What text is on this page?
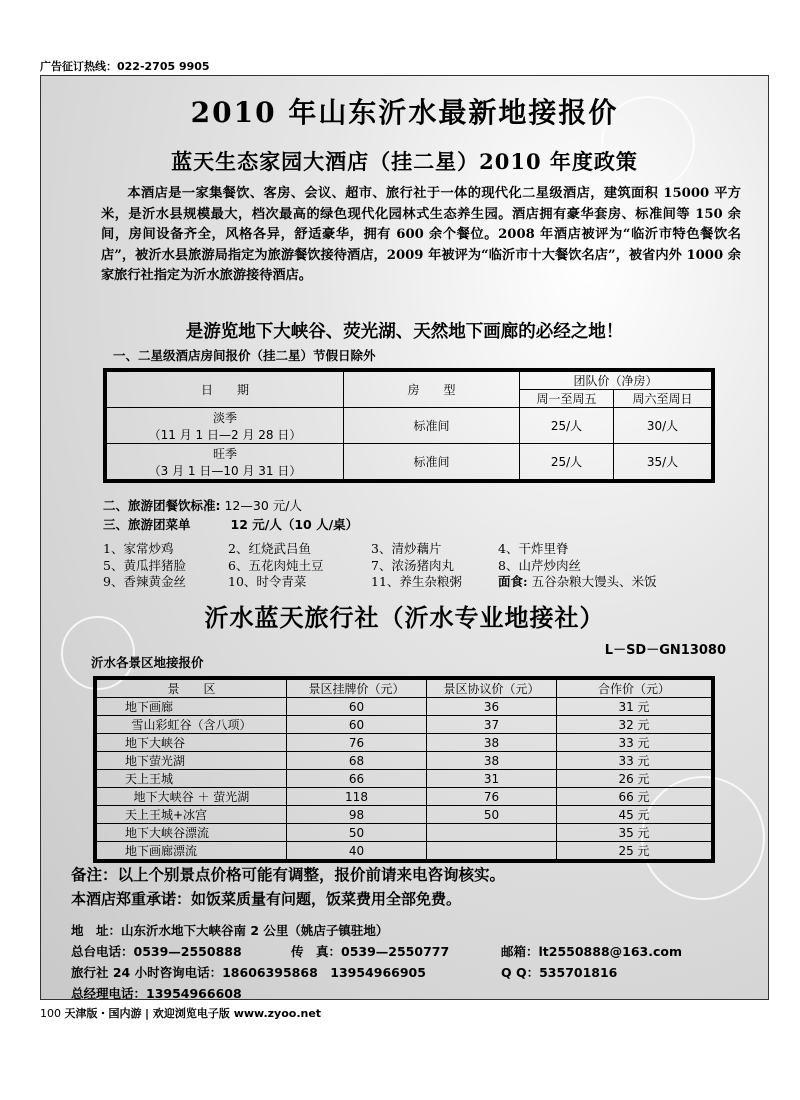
广告征订热线：022-2705 9905
2010 年山东沂水最新地接报价
蓝天生态家园大酒店（挂二星）2010 年度政策
本酒店是一家集餐饮、客房、会议、超市、旅行社于一体的现代化二星级酒店，建筑面积 15000 平方米，是沂水县规模最大，档次最高的绿色现代化园林式生态养生园。酒店拥有豪华套房、标准间等 150 余间，房间设备齐全，风格各异，舒适豪华，拥有 600 余个餐位。2008 年酒店被评为“临沂市特色餐饮名店”，被沂水县旅游局指定为旅游餐饮接待酒店，2009 年被评为“临沂市十大餐饮名店”，被省内外 1000 余家旅行社指定为沂水旅游接待酒店。
是游览地下大峡谷、荧光湖、天然地下画廊的必经之地！
一、二星级酒店房间报价（挂二星）节假日除外
日　　期	房　　型	团队价（净房）	
		周一至周五	周六至周日

淡季
（11 月 1 日—2 月 28 日）	标准间	25/人	30/人

旺季
（3 月 1 日—10 月 31 日）	标准间	25/人	35/人
二、旅游团餐饮标准: 12—30 元/人
三、旅游团菜单	12 元/人（10 人/桌）
1、家常炒鸡	2、红烧武吕鱼	3、清炒藕片	4、干炸里脊
5、黄瓜拌猪脸	6、五花肉炖土豆	7、浓汤猪肉丸	8、山芹炒肉丝
9、香辣黄金丝	10、时令青菜	11、养生杂粮粥	面食: 五谷杂粮大馒头、米饭
沂水蓝天旅行社（沂水专业地接社）
L－SD－GN13080
沂水各景区地接报价
景　　区	景区挂牌价（元）	景区协议价（元）	合作价（元）
地下画廊	60	36	31 元
雪山彩虹谷（含八项）	60	37	32 元
地下大峡谷	76	38	33 元
地下萤光湖	68	38	33 元
天上王城	66	31	26 元
地下大峡谷 ＋ 萤光湖	118	76	66 元
天上王城+冰宫	98	50	45 元
地下大峡谷漂流	50		35 元
地下画廊漂流	40		25 元
备注：以上个别景点价格可能有调整，报价前请来电咨询核实。
本酒店郑重承诺：如饭菜质量有问题，饭菜费用全部免费。
地　址：山东沂水地下大峡谷南 2 公里（姚店子镇驻地）
总台电话：0539—2550888	传　真：0539—2550777	邮箱：lt2550888@163.com
旅行社 24 小时咨询电话：18606395868　13954966905	Q Q：535701816
总经理电话：13954966608
100 天津版・国内游 | 欢迎浏览电子版 www.zyoo.net
